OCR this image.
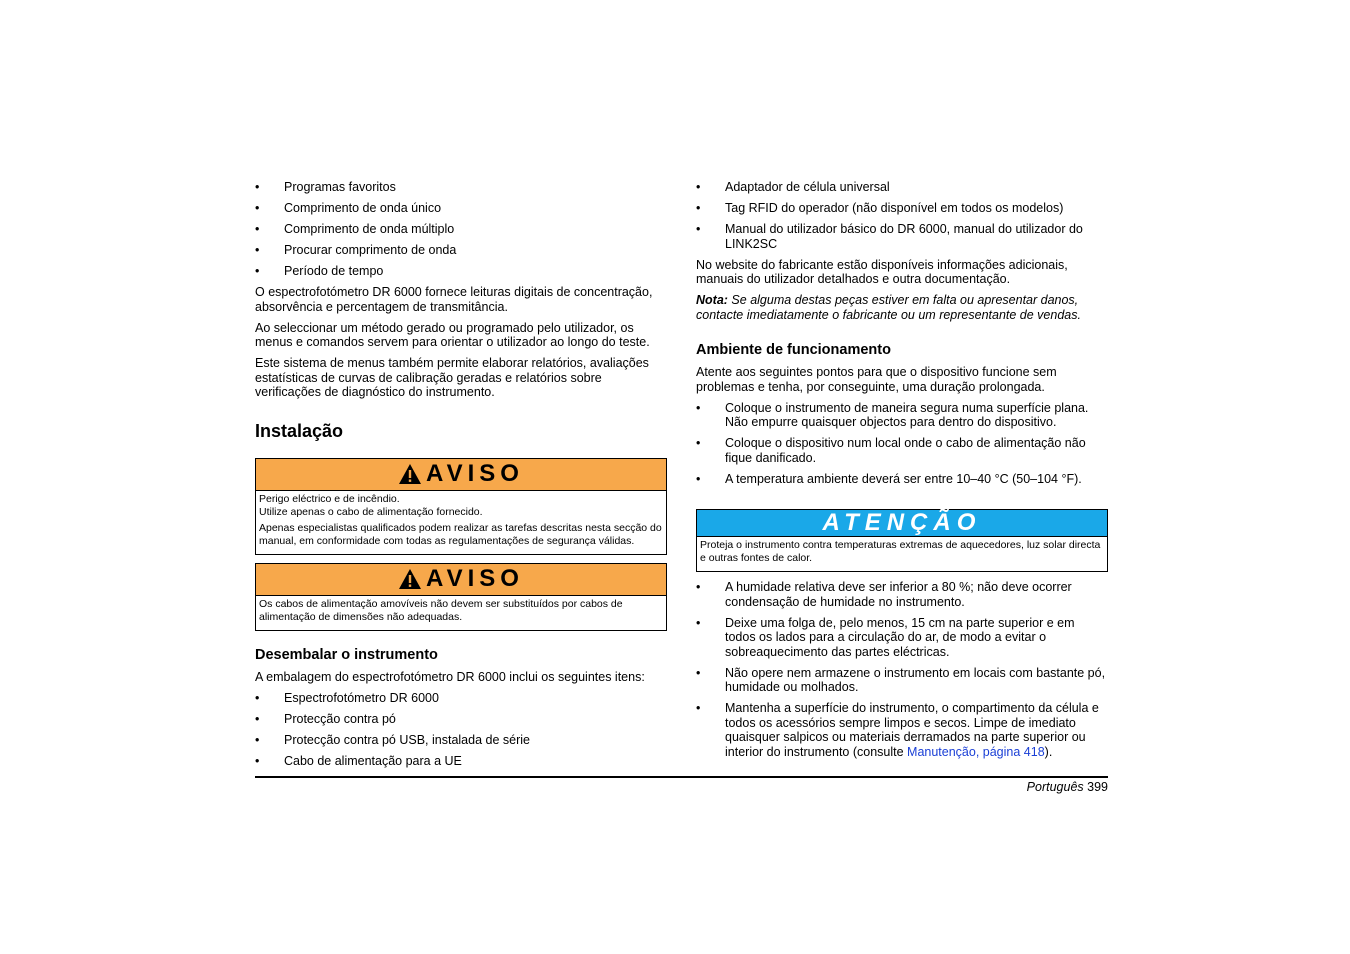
• Programas favoritos
• Comprimento de onda único
• Comprimento de onda múltiplo
• Procurar comprimento de onda
• Período de tempo

O espectrofotómetro DR 6000 fornece leituras digitais de concentração, absorvência e percentagem de transmitância.

Ao seleccionar um método gerado ou programado pelo utilizador, os menus e comandos servem para orientar o utilizador ao longo do teste.

Este sistema de menus também permite elaborar relatórios, avaliações estatísticas de curvas de calibração geradas e relatórios sobre verificações de diagnóstico do instrumento.

Instalação
AVISO
Perigo eléctrico e de incêndio.

Utilize apenas o cabo de alimentação fornecido.

Apenas especialistas qualificados podem realizar as tarefas descritas nesta secção do manual, em conformidade com todas as regulamentações de segurança válidas.

AVISO

Os cabos de alimentação amovíveis não devem ser substituídos por cabos de alimentação de dimensões não adequadas.

Desembalar o instrumento

A embalagem do espectrofotómetro DR 6000 inclui os seguintes itens:

• Espectrofotómetro DR 6000
• Protecção contra pó
• Protecção contra pó USB, instalada de série
• Cabo de alimentação para a UE
• Adaptador de célula universal
• Tag RFID do operador (não disponível em todos os modelos)
• Manual do utilizador básico do DR 6000, manual do utilizador do LINK2SC

No website do fabricante estão disponíveis informações adicionais, manuais do utilizador detalhados e outra documentação.

Nota: Se alguma destas peças estiver em falta ou apresentar danos, contacte imediatamente o fabricante ou um representante de vendas.

Ambiente de funcionamento

Atente aos seguintes pontos para que o dispositivo funcione sem problemas e tenha, por conseguinte, uma duração prolongada.

• Coloque o instrumento de maneira segura numa superfície plana. Não empurre quaisquer objectos para dentro do dispositivo.
• Coloque o dispositivo num local onde o cabo de alimentação não fique danificado.
• A temperatura ambiente deverá ser entre 10–40 °C (50–104 °F).
ATENÇÃO

Proteja o instrumento contra temperaturas extremas de aquecedores, luz solar directa e outras fontes de calor.

• A humidade relativa deve ser inferior a 80 %; não deve ocorrer condensação de humidade no instrumento.
• Deixe uma folga de, pelo menos, 15 cm na parte superior e em todos os lados para a circulação do ar, de modo a evitar o sobreaquecimento das partes eléctricas.
• Não opere nem armazene o instrumento em locais com bastante pó, humidade ou molhados.
• Mantenha a superfície do instrumento, o compartimento da célula e todos os acessórios sempre limpos e secos. Limpe de imediato quaisquer salpicos ou materiais derramados na parte superior ou interior do instrumento (consulte Manutenção, página 418).
Português 399
